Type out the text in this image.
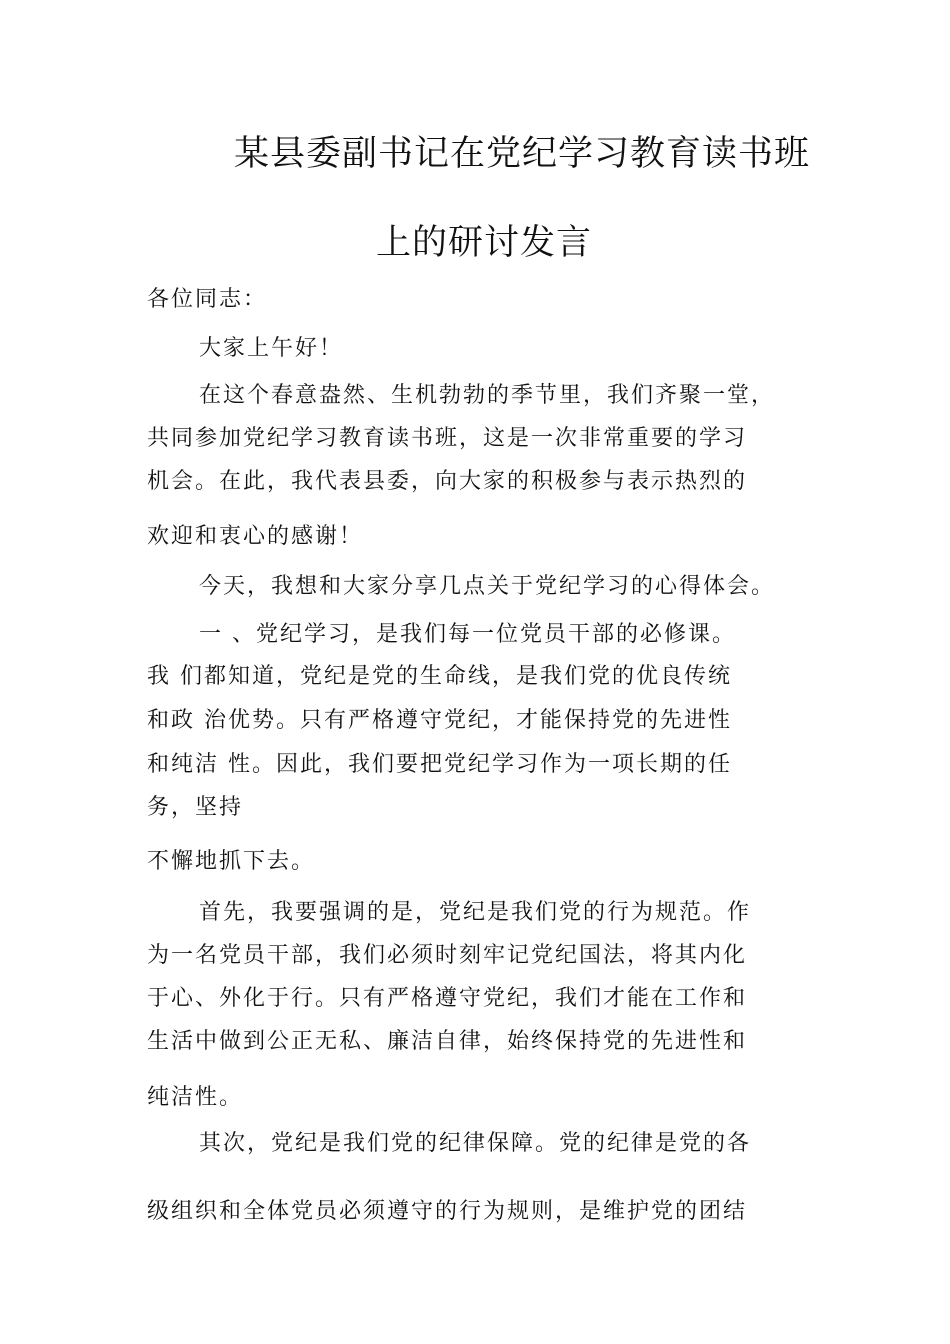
某县委副书记在党纪学习教育读书班
上的研讨发言
各位同志：
大家上午好！
在这个春意盎然、生机勃勃的季节里，我们齐聚一堂，
共同参加党纪学习教育读书班，这是一次非常重要的学习
机会。在此，我代表县委，向大家的积极参与表示热烈的
欢迎和衷心的感谢！
今天，我想和大家分享几点关于党纪学习的心得体会。
一 、党纪学习，是我们每一位党员干部的必修课。
我 们都知道，党纪是党的生命线，是我们党的优良传统
和政 治优势。只有严格遵守党纪，才能保持党的先进性
和纯洁 性。因此，我们要把党纪学习作为一项长期的任
务，坚持
不懈地抓下去。
首先，我要强调的是，党纪是我们党的行为规范。作
为一名党员干部，我们必须时刻牢记党纪国法，将其内化
于心、外化于行。只有严格遵守党纪，我们才能在工作和
生活中做到公正无私、廉洁自律，始终保持党的先进性和
纯洁性。
其次，党纪是我们党的纪律保障。党的纪律是党的各
级组织和全体党员必须遵守的行为规则，是维护党的团结
